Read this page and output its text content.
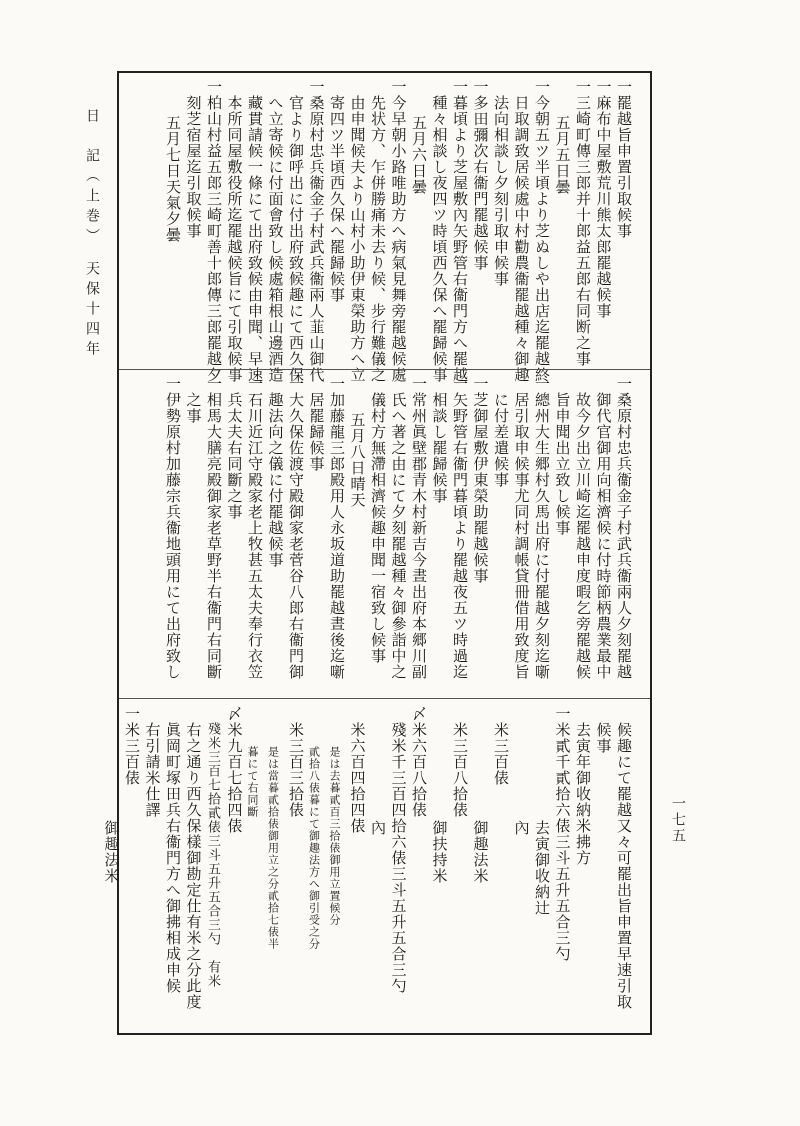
日　記（上巻）　天保十四年
一七五
一罷越旨申置引取候事
一麻布中屋敷荒川熊太郎罷越候事
一三崎町傳三郎并十郎益五郎右同断之事
五月五日曇
一今朝五ツ半頃より芝ぬしや出店迄罷越終
日取調致居候處中村勸農衞罷越種々御趣
法向相談し夕刻引取申候事
一多田彌次右衞門罷越候事
一暮頃より芝屋敷內矢野管右衞門方へ罷越
種々相談し夜四ツ時頃西久保へ罷歸候事
五月六日曇
一今早朝小路唯助方へ病氣見舞旁罷越候處
先状方、乍併勝痛未去り候、步行難儀之
由申聞候夫より山村小助伊東榮助方へ立
寄四ツ半頃西久保へ罷歸候事
一桑原村忠兵衞金子村武兵衞兩人韮山御代
官より御呼出に付出府致候趣にて西久保
へ立寄候に付面會致し候處箱根山邊酒造
藏貫請候一條にて出府致候由申聞、早速
本所同屋敷役所迄罷越候旨にて引取候事
一柏山村益五郎三崎町善十郎傳三郎罷越夕
刻芝宿屋迄引取候事
五月七日天氣夕曇
一桑原村忠兵衞金子村武兵衞兩人夕刻罷越
御代官御用向相濟候に付時節柄農業最中
故今夕出立川崎迄罷越申度暇乞旁罷越候
旨申聞出立致し候事
一總州大生郷村久馬出府に付罷越夕刻迄噺
居引取申候事尤同村調帳貸冊借用致度旨
に付差遣候事
一芝御屋敷伊東榮助罷越候事
一矢野管右衞門暮頃より罷越夜五ツ時過迄
相談し罷歸候事
一常州眞壁郡青木村新吉今晝出府本郷川副
氏へ著之由にて夕刻罷越種々御參詣中之
儀村方無滯相濟候趣申聞一宿致し候事
五月八日晴天
一加藤龍三郎殿用人永坂道助罷越晝後迄噺
居罷歸候事
一大久保佐渡守殿御家老菅谷八郎右衞門御
趣法向之儀に付罷越候事
一石川近江守殿家老上牧甚五太夫奉行衣笠
兵太夫右同斷之事
一相馬大膳亮殿御家老草野半右衞門右同斷
之事
一伊勢原村加藤宗兵衞地頭用にて出府致し
候趣にて罷越又々可罷出旨申置早速引取
候事
去寅年御收納米拂方
一米貳千貳拾六俵三斗五升五合三勺
去寅御收納辻
內
米三百俵
御趣法米
米三百八拾俵
御扶持米
〆米六百八拾俵
殘米千三百四拾六俵三斗五升五合三勺
內
米六百四拾四俵
是は去暮貳百三拾俵御用立置候分
貳拾八俵暮にて御趣法方へ御引受之分
米三百三拾俵
是は當暮貳拾俵御用立之分貳拾七俵半
暮にて右同斷
〆米九百七拾四俵
殘米三百七拾貳俵三斗五升五合三勺　有米
右之通り西久保樣御勘定仕有米之分此度
眞岡町塚田兵右衞門方へ御拂相成申候
右引請米仕譯
一米三百俵
御趣法米
